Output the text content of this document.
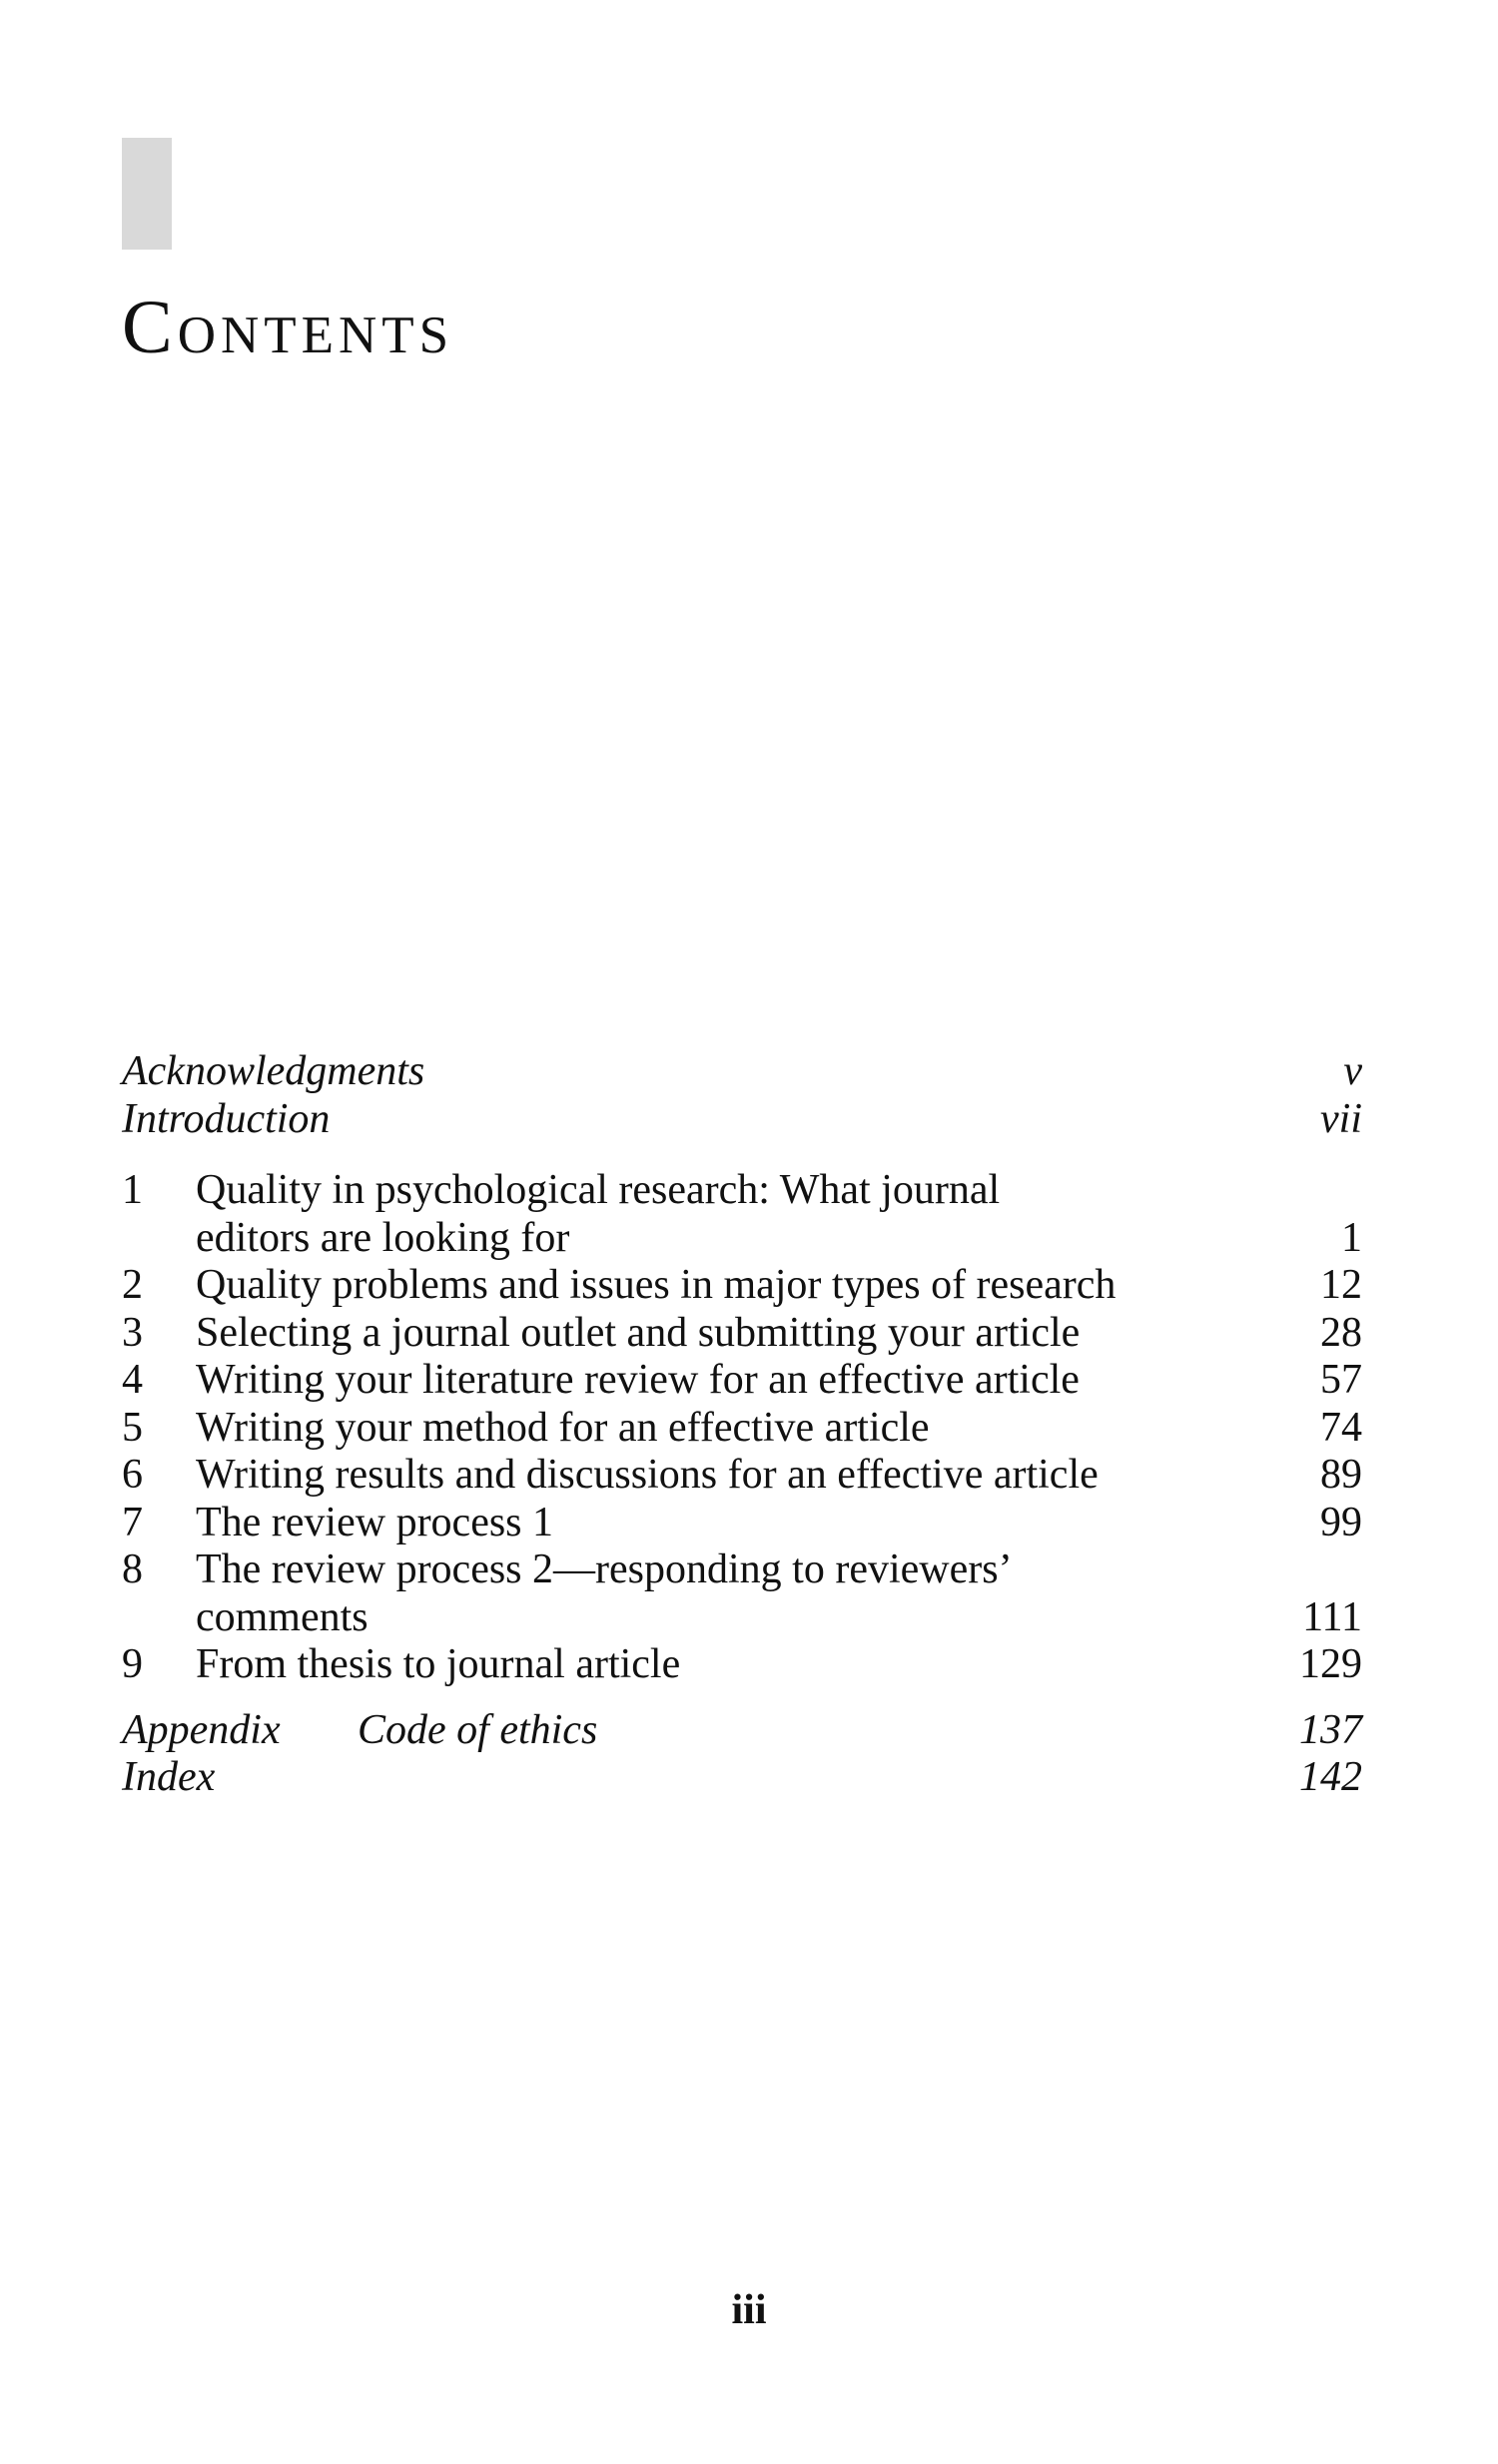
Contents
Acknowledgments	v
Introduction	vii
1	Quality in psychological research: What journal
editors are looking for	1
2	Quality problems and issues in major types of research	12
3	Selecting a journal outlet and submitting your article	28
4	Writing your literature review for an effective article	57
5	Writing your method for an effective article	74
6	Writing results and discussions for an effective article	89
7	The review process 1	99
8	The review process 2—responding to reviewers’
comments	111
9	From thesis to journal article	129
Appendix	Code of ethics	137
Index	142
iii
